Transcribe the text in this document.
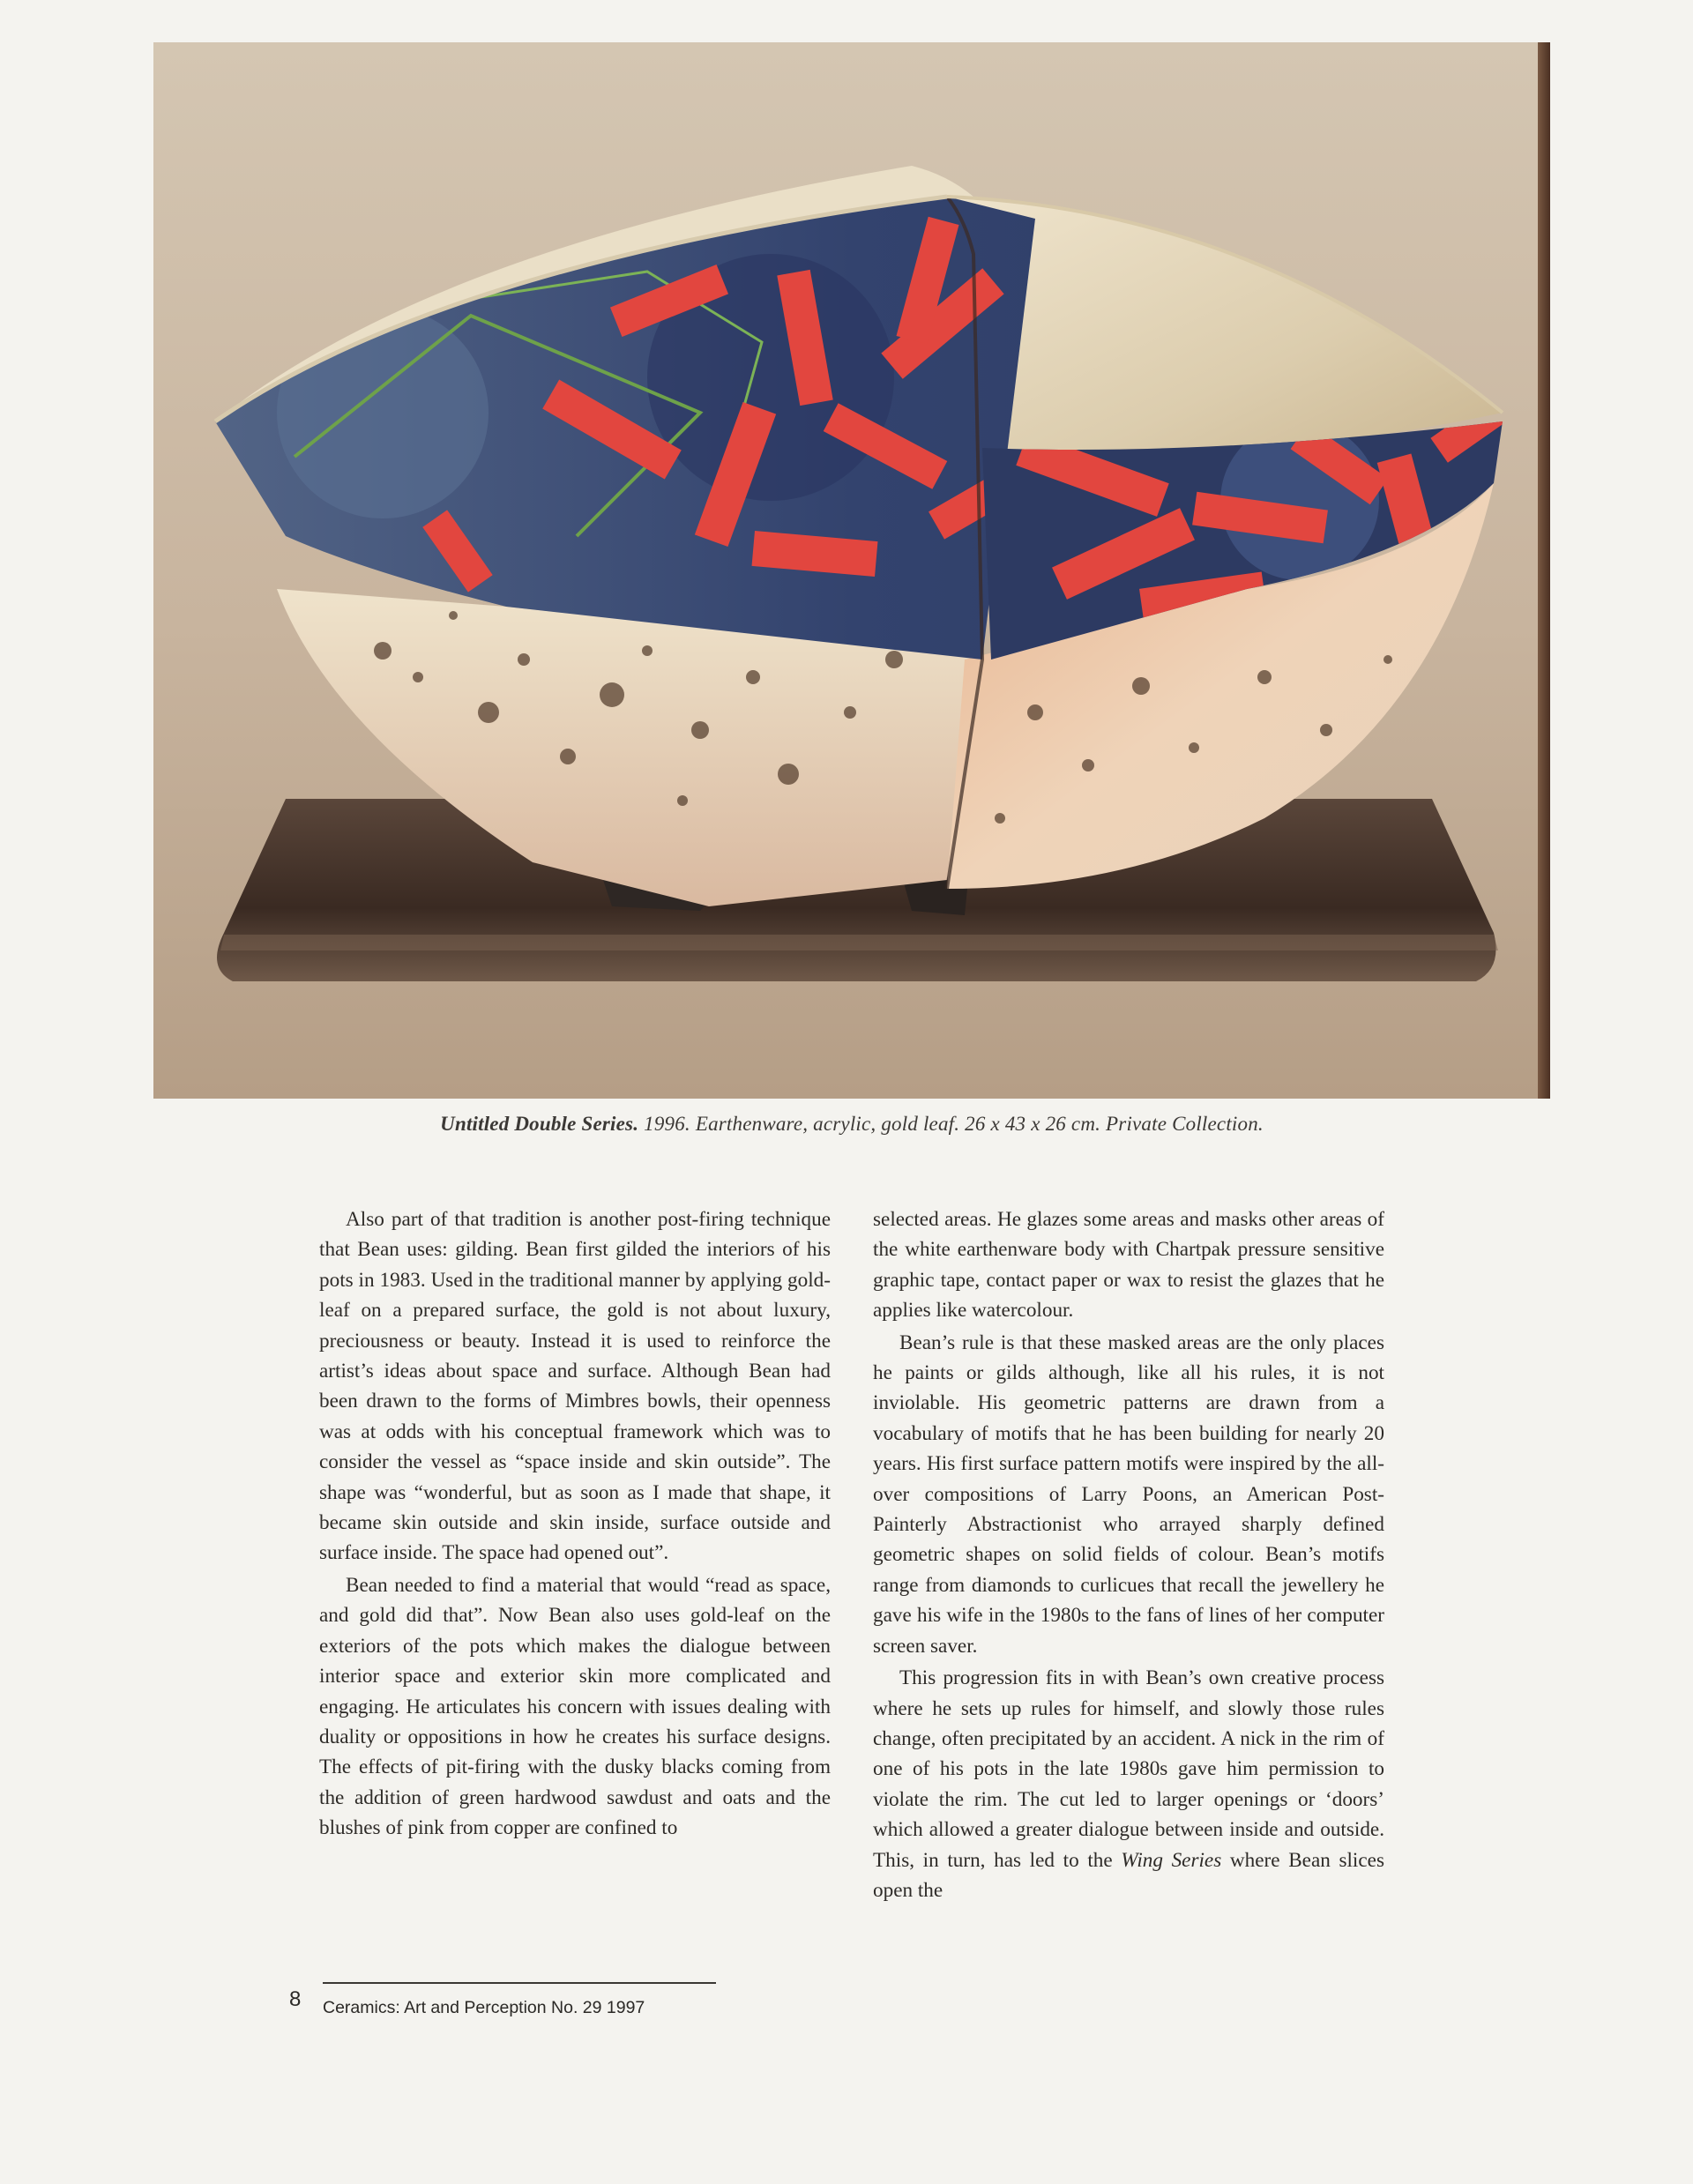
Untitled Double Series. 1996. Earthenware, acrylic, gold leaf. 26 x 43 x 26 cm. Private Collection.

Also part of that tradition is another post-firing technique that Bean uses: gilding. Bean first gilded the interiors of his pots in 1983. Used in the traditional manner by applying gold-leaf on a prepared surface, the gold is not about luxury, preciousness or beauty. Instead it is used to reinforce the artist’s ideas about space and surface. Although Bean had been drawn to the forms of Mimbres bowls, their openness was at odds with his conceptual framework which was to consider the vessel as “space inside and skin outside”. The shape was “wonderful, but as soon as I made that shape, it became skin outside and skin inside, surface outside and surface inside. The space had opened out”.

Bean needed to find a material that would “read as space, and gold did that”. Now Bean also uses gold-leaf on the exteriors of the pots which makes the dialogue between interior space and exterior skin more complicated and engaging. He articulates his concern with issues dealing with duality or oppositions in how he creates his surface designs. The effects of pit-firing with the dusky blacks coming from the addition of green hardwood sawdust and oats and the blushes of pink from copper are confined to

selected areas. He glazes some areas and masks other areas of the white earthenware body with Chartpak pressure sensitive graphic tape, contact paper or wax to resist the glazes that he applies like watercolour.

Bean’s rule is that these masked areas are the only places he paints or gilds although, like all his rules, it is not inviolable. His geometric patterns are drawn from a vocabulary of motifs that he has been building for nearly 20 years. His first surface pattern motifs were inspired by the all-over compositions of Larry Poons, an American Post-Painterly Abstractionist who arrayed sharply defined geometric shapes on solid fields of colour. Bean’s motifs range from diamonds to curlicues that recall the jewellery he gave his wife in the 1980s to the fans of lines of her computer screen saver.

This progression fits in with Bean’s own creative process where he sets up rules for himself, and slowly those rules change, often precipitated by an accident. A nick in the rim of one of his pots in the late 1980s gave him permission to violate the rim. The cut led to larger openings or ‘doors’ which allowed a greater dialogue between inside and outside. This, in turn, has led to the Wing Series where Bean slices open the

8 Ceramics: Art and Perception No. 29 1997
